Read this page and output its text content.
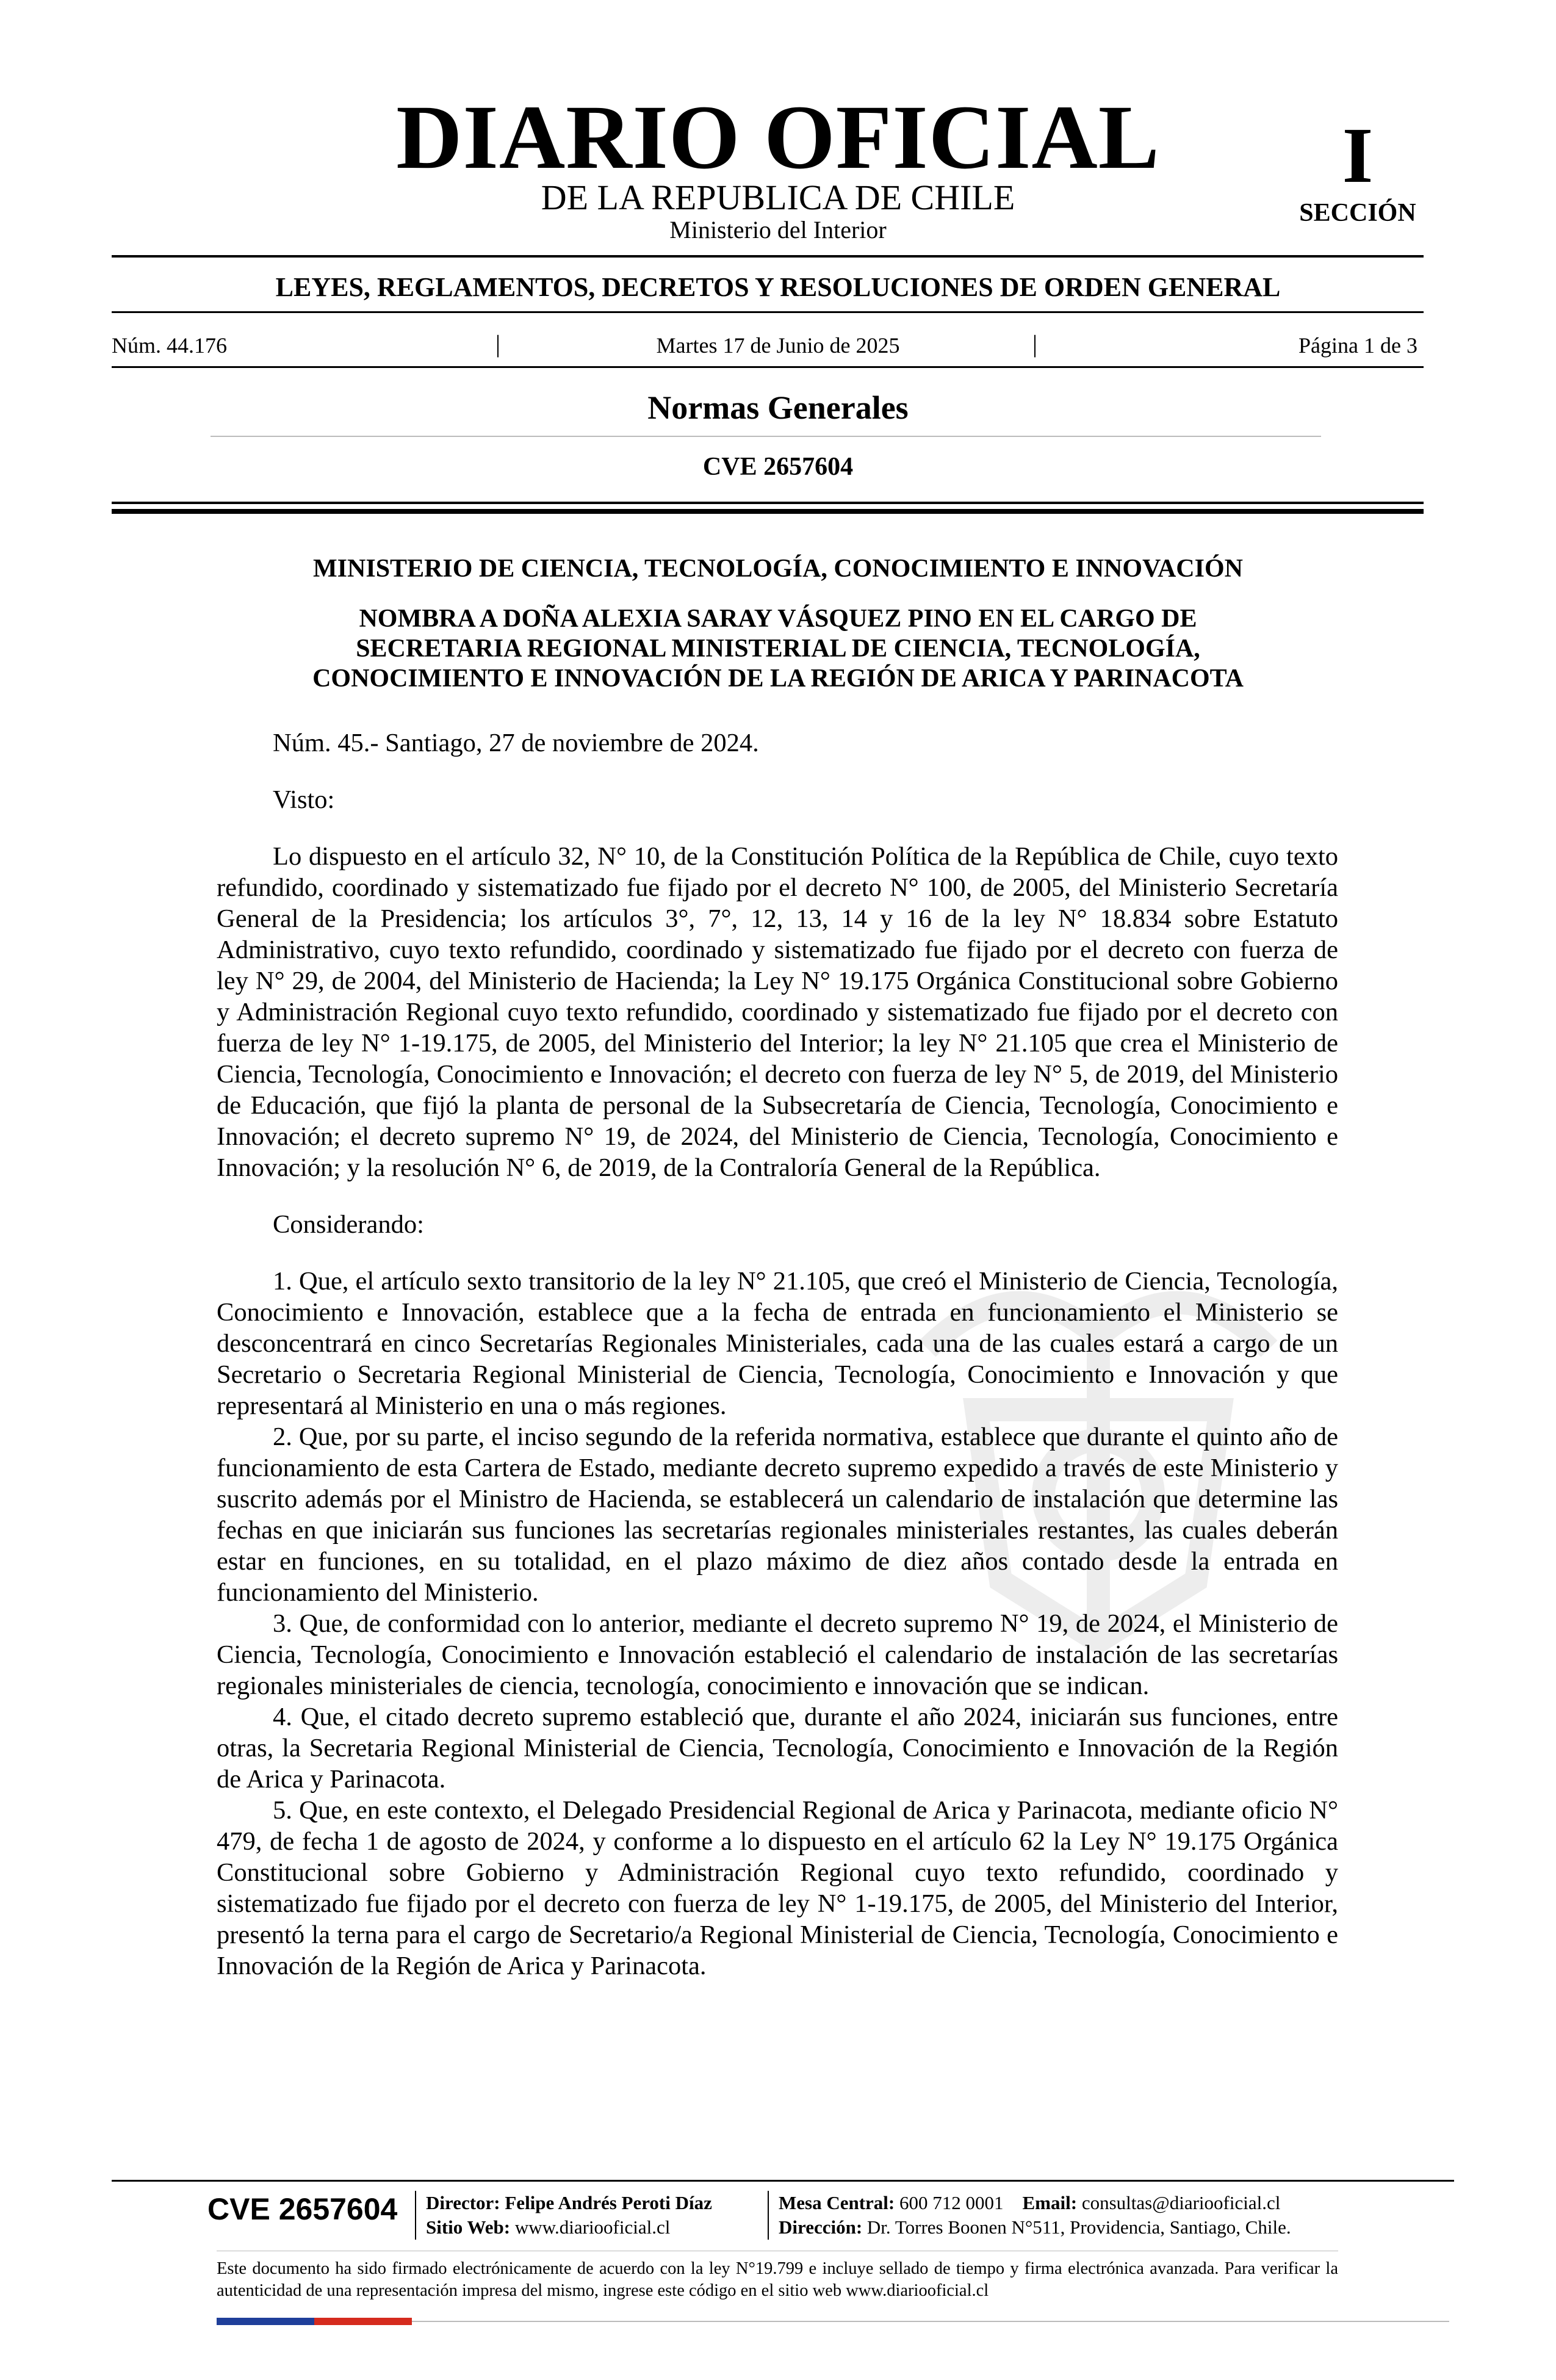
DIARIO OFICIAL
DE LA REPUBLICA DE CHILE
Ministerio del Interior
I
SECCIÓN
LEYES, REGLAMENTOS, DECRETOS Y RESOLUCIONES DE ORDEN GENERAL
Núm. 44.176	|	Martes 17 de Junio de 2025	|	Página 1 de 3
Normas Generales
CVE 2657604
MINISTERIO DE CIENCIA, TECNOLOGÍA, CONOCIMIENTO E INNOVACIÓN
NOMBRA A DOÑA ALEXIA SARAY VÁSQUEZ PINO EN EL CARGO DE
SECRETARIA REGIONAL MINISTERIAL DE CIENCIA, TECNOLOGÍA,
CONOCIMIENTO E INNOVACIÓN DE LA REGIÓN DE ARICA Y PARINACOTA

Núm. 45.- Santiago, 27 de noviembre de 2024.

Visto:

Lo dispuesto en el artículo 32, N° 10, de la Constitución Política de la República de Chile, cuyo texto refundido, coordinado y sistematizado fue fijado por el decreto N° 100, de 2005, del Ministerio Secretaría General de la Presidencia; los artículos 3°, 7°, 12, 13, 14 y 16 de la ley N° 18.834 sobre Estatuto Administrativo, cuyo texto refundido, coordinado y sistematizado fue fijado por el decreto con fuerza de ley N° 29, de 2004, del Ministerio de Hacienda; la Ley N° 19.175 Orgánica Constitucional sobre Gobierno y Administración Regional cuyo texto refundido, coordinado y sistematizado fue fijado por el decreto con fuerza de ley N° 1-19.175, de 2005, del Ministerio del Interior; la ley N° 21.105 que crea el Ministerio de Ciencia, Tecnología, Conocimiento e Innovación; el decreto con fuerza de ley N° 5, de 2019, del Ministerio de Educación, que fijó la planta de personal de la Subsecretaría de Ciencia, Tecnología, Conocimiento e Innovación; el decreto supremo N° 19, de 2024, del Ministerio de Ciencia, Tecnología, Conocimiento e Innovación; y la resolución N° 6, de 2019, de la Contraloría General de la República.

Considerando:

1. Que, el artículo sexto transitorio de la ley N° 21.105, que creó el Ministerio de Ciencia, Tecnología, Conocimiento e Innovación, establece que a la fecha de entrada en funcionamiento el Ministerio se desconcentrará en cinco Secretarías Regionales Ministeriales, cada una de las cuales estará a cargo de un Secretario o Secretaria Regional Ministerial de Ciencia, Tecnología, Conocimiento e Innovación y que representará al Ministerio en una o más regiones.

2. Que, por su parte, el inciso segundo de la referida normativa, establece que durante el quinto año de funcionamiento de esta Cartera de Estado, mediante decreto supremo expedido a través de este Ministerio y suscrito además por el Ministro de Hacienda, se establecerá un calendario de instalación que determine las fechas en que iniciarán sus funciones las secretarías regionales ministeriales restantes, las cuales deberán estar en funciones, en su totalidad, en el plazo máximo de diez años contado desde la entrada en funcionamiento del Ministerio.

3. Que, de conformidad con lo anterior, mediante el decreto supremo N° 19, de 2024, el Ministerio de Ciencia, Tecnología, Conocimiento e Innovación estableció el calendario de instalación de las secretarías regionales ministeriales de ciencia, tecnología, conocimiento e innovación que se indican.

4. Que, el citado decreto supremo estableció que, durante el año 2024, iniciarán sus funciones, entre otras, la Secretaria Regional Ministerial de Ciencia, Tecnología, Conocimiento e Innovación de la Región de Arica y Parinacota.

5. Que, en este contexto, el Delegado Presidencial Regional de Arica y Parinacota, mediante oficio N° 479, de fecha 1 de agosto de 2024, y conforme a lo dispuesto en el artículo 62 la Ley N° 19.175 Orgánica Constitucional sobre Gobierno y Administración Regional cuyo texto refundido, coordinado y sistematizado fue fijado por el decreto con fuerza de ley N° 1-19.175, de 2005, del Ministerio del Interior, presentó la terna para el cargo de Secretario/a Regional Ministerial de Ciencia, Tecnología, Conocimiento e Innovación de la Región de Arica y Parinacota.

CVE 2657604 Director: Felipe Andrés Peroti Díaz
Sitio Web: www.diariooficial.cl
Mesa Central: 600 712 0001 Email: consultas@diariooficial.cl
Dirección: Dr. Torres Boonen N°511, Providencia, Santiago, Chile.
Este documento ha sido firmado electrónicamente de acuerdo con la ley N°19.799 e incluye sellado de tiempo y firma electrónica avanzada. Para verificar la autenticidad de una representación impresa del mismo, ingrese este código en el sitio web www.diariooficial.cl
